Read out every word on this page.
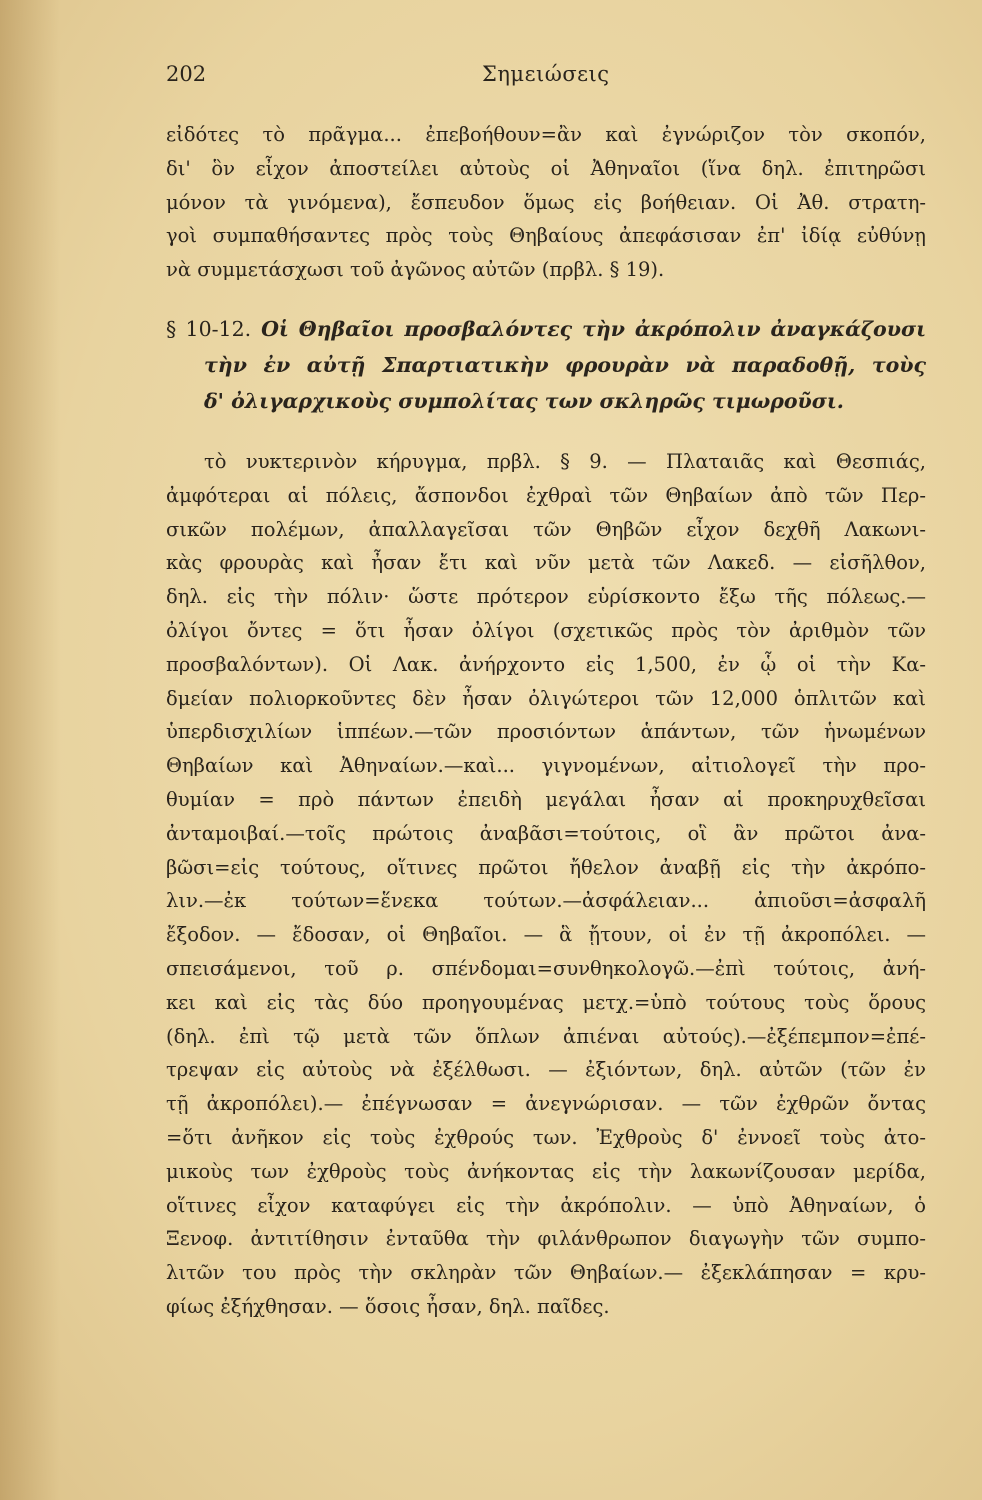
202	Σημειώσεις
εἰδότες τὸ πρᾶγμα... ἐπεβοήθουν=ἂν καὶ ἐγνώριζον τὸν σκοπόν,
δι' ὃν εἶχον ἀποστείλει αὐτοὺς οἱ Ἀθηναῖοι (ἵνα δηλ. ἐπιτηρῶσι
μόνον τὰ γινόμενα), ἔσπευδον ὅμως εἰς βοήθειαν. Οἱ Ἀθ. στρατη-
γοὶ συμπαθήσαντες πρὸς τοὺς Θηβαίους ἀπεφάσισαν ἐπ' ἰδίᾳ εὐθύνῃ
νὰ συμμετάσχωσι τοῦ ἀγῶνος αὐτῶν (πρβλ. § 19).
§ 10-12. Οἱ Θηβαῖοι προσβαλόντες τὴν ἀκρόπολιν ἀναγκάζουσι
τὴν ἐν αὐτῇ Σπαρτιατικὴν φρουρὰν νὰ παραδοθῇ, τοὺς
δ' ὀλιγαρχικοὺς συμπολίτας των σκληρῶς τιμωροῦσι.
τὸ νυκτερινὸν κήρυγμα, πρβλ. § 9. — Πλαταιᾶς καὶ Θεσπιάς,
ἀμφότεραι αἱ πόλεις, ἄσπονδοι ἐχθραὶ τῶν Θηβαίων ἀπὸ τῶν Περ-
σικῶν πολέμων, ἀπαλλαγεῖσαι τῶν Θηβῶν εἶχον δεχθῆ Λακωνι-
κὰς φρουρὰς καὶ ἦσαν ἔτι καὶ νῦν μετὰ τῶν Λακεδ. — εἰσῆλθον,
δηλ. εἰς τὴν πόλιν· ὥστε πρότερον εὑρίσκοντο ἔξω τῆς πόλεως.—
ὀλίγοι ὄντες = ὅτι ἦσαν ὀλίγοι (σχετικῶς πρὸς τὸν ἀριθμὸν τῶν
προσβαλόντων). Οἱ Λακ. ἀνήρχοντο εἰς 1,500, ἐν ᾧ οἱ τὴν Κα-
δμείαν πολιορκοῦντες δὲν ἦσαν ὀλιγώτεροι τῶν 12,000 ὁπλιτῶν καὶ
ὑπερδισχιλίων ἱππέων.—τῶν προσιόντων ἁπάντων, τῶν ἡνωμένων
Θηβαίων καὶ Ἀθηναίων.—καὶ... γιγνομένων, αἰτιολογεῖ τὴν προ-
θυμίαν = πρὸ πάντων ἐπειδὴ μεγάλαι ἦσαν αἱ προκηρυχθεῖσαι
ἀνταμοιβαί.—τοῖς πρώτοις ἀναβᾶσι=τούτοις, οἳ ἂν πρῶτοι ἀνα-
βῶσι=εἰς τούτους, οἵτινες πρῶτοι ἤθελον ἀναβῇ εἰς τὴν ἀκρόπο-
λιν.—ἐκ τούτων=ἕνεκα τούτων.—ἀσφάλειαν... ἀπιοῦσι=ἀσφαλῆ
ἔξοδον. — ἔδοσαν, οἱ Θηβαῖοι. — ἃ ᾔτουν, οἱ ἐν τῇ ἀκροπόλει. —
σπεισάμενοι, τοῦ ρ. σπένδομαι=συνθηκολογῶ.—ἐπὶ τούτοις, ἀνή-
κει καὶ εἰς τὰς δύο προηγουμένας μετχ.=ὑπὸ τούτους τοὺς ὅρους
(δηλ. ἐπὶ τῷ μετὰ τῶν ὅπλων ἀπιέναι αὐτούς).—ἐξέπεμπον=ἐπέ-
τρεψαν εἰς αὐτοὺς νὰ ἐξέλθωσι. — ἐξιόντων, δηλ. αὐτῶν (τῶν ἐν
τῇ ἀκροπόλει).— ἐπέγνωσαν = ἀνεγνώρισαν. — τῶν ἐχθρῶν ὄντας
=ὅτι ἀνῆκον εἰς τοὺς ἐχθρούς των. Ἐχθροὺς δ' ἐννοεῖ τοὺς ἀτο-
μικοὺς των ἐχθροὺς τοὺς ἀνήκοντας εἰς τὴν λακωνίζουσαν μερίδα,
οἵτινες εἶχον καταφύγει εἰς τὴν ἀκρόπολιν. — ὑπὸ Ἀθηναίων, ὁ
Ξενοφ. ἀντιτίθησιν ἐνταῦθα τὴν φιλάνθρωπον διαγωγὴν τῶν συμπο-
λιτῶν του πρὸς τὴν σκληρὰν τῶν Θηβαίων.— ἐξεκλάπησαν = κρυ-
φίως ἐξήχθησαν. — ὅσοις ἦσαν, δηλ. παῖδες.
